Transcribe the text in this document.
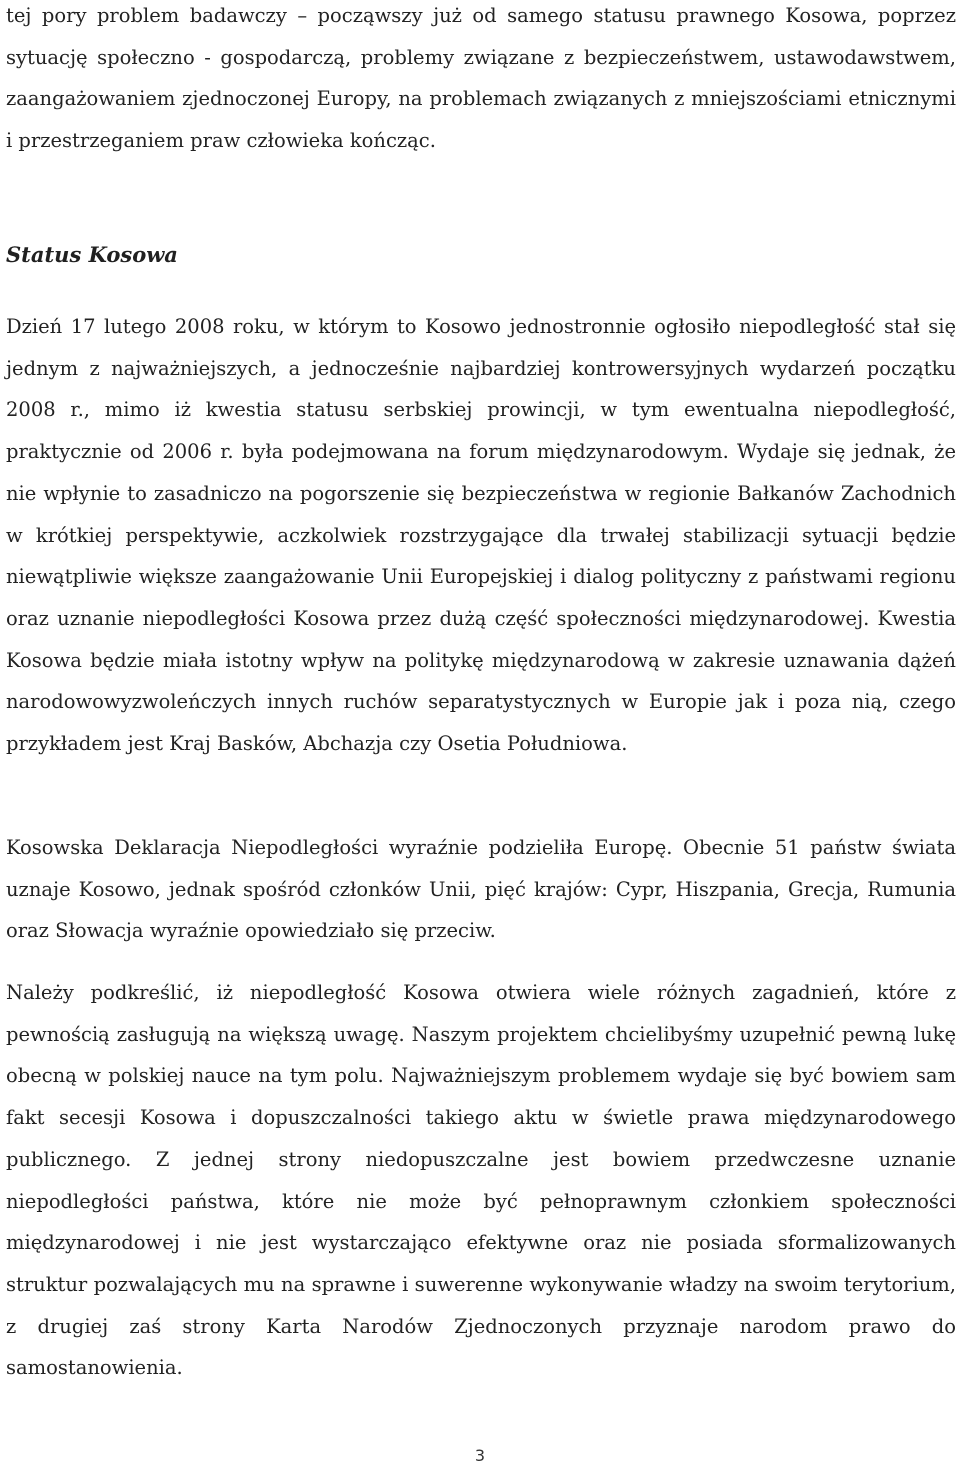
tej pory problem badawczy – począwszy już od samego statusu prawnego Kosowa, poprzez sytuację społeczno - gospodarczą, problemy związane z bezpieczeństwem, ustawodawstwem, zaangażowaniem zjednoczonej Europy, na problemach związanych z mniejszościami etnicznymi i przestrzeganiem praw człowieka kończąc.

Status Kosowa

Dzień 17 lutego 2008 roku, w którym to Kosowo jednostronnie ogłosiło niepodległość stał się jednym z najważniejszych, a jednocześnie najbardziej kontrowersyjnych wydarzeń początku 2008 r., mimo iż kwestia statusu serbskiej prowincji, w tym ewentualna niepodległość, praktycznie od 2006 r. była podejmowana na forum międzynarodowym. Wydaje się jednak, że nie wpłynie to zasadniczo na pogorszenie się bezpieczeństwa w regionie Bałkanów Zachodnich w krótkiej perspektywie, aczkolwiek rozstrzygające dla trwałej stabilizacji sytuacji będzie niewątpliwie większe zaangażowanie Unii Europejskiej i dialog polityczny z państwami regionu oraz uznanie niepodległości Kosowa przez dużą część społeczności międzynarodowej. Kwestia Kosowa będzie miała istotny wpływ na politykę międzynarodową w zakresie uznawania dążeń narodowowyzwoleńczych innych ruchów separatystycznych w Europie jak i poza nią, czego przykładem jest Kraj Basków, Abchazja czy Osetia Południowa.

Kosowska Deklaracja Niepodległości wyraźnie podzieliła Europę. Obecnie 51 państw świata uznaje Kosowo, jednak spośród członków Unii, pięć krajów: Cypr, Hiszpania, Grecja, Rumunia oraz Słowacja wyraźnie opowiedziało się przeciw.

Należy podkreślić, iż niepodległość Kosowa otwiera wiele różnych zagadnień, które z pewnością zasługują na większą uwagę. Naszym projektem chcielibyśmy uzupełnić pewną lukę obecną w polskiej nauce na tym polu. Najważniejszym problemem wydaje się być bowiem sam fakt secesji Kosowa i dopuszczalności takiego aktu w świetle prawa międzynarodowego publicznego. Z jednej strony niedopuszczalne jest bowiem przedwczesne uznanie niepodległości państwa, które nie może być pełnoprawnym członkiem społeczności międzynarodowej i nie jest wystarczająco efektywne oraz nie posiada sformalizowanych struktur pozwalających mu na sprawne i suwerenne wykonywanie władzy na swoim terytorium, z drugiej zaś strony Karta Narodów Zjednoczonych przyznaje narodom prawo do samostanowienia.

3
